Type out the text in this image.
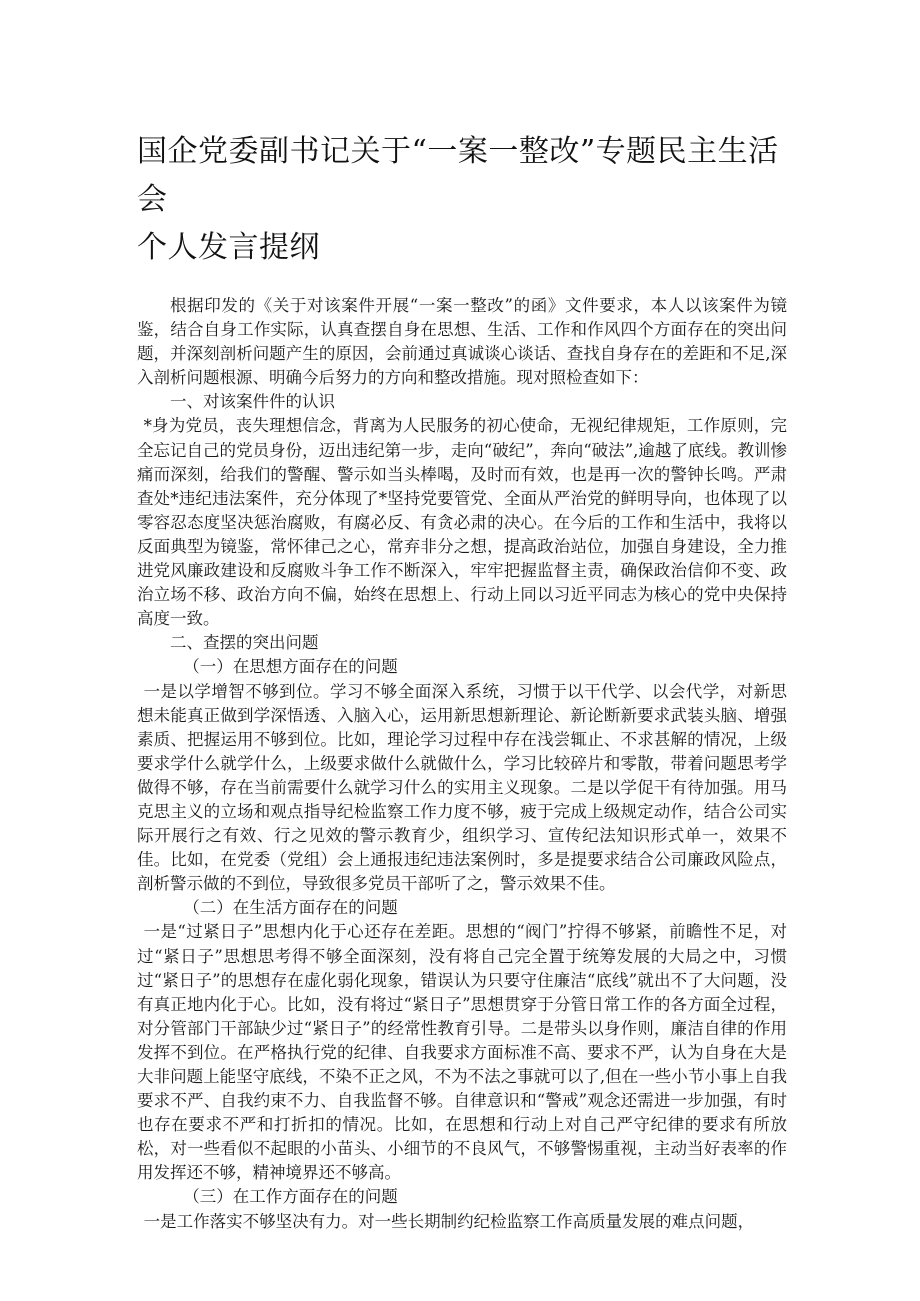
国企党委副书记关于“一案一整改”专题民主生活会
个人发言提纲

根据印发的《关于对该案件开展“一案一整改”的函》文件要求，本人以该案件为镜鉴，结合自身工作实际，认真查摆自身在思想、生活、工作和作风四个方面存在的突出问题，并深刻剖析问题产生的原因，会前通过真诚谈心谈话、查找自身存在的差距和不足,深入剖析问题根源、明确今后努力的方向和整改措施。现对照检查如下：

一、对该案件件的认识

*身为党员，丧失理想信念，背离为人民服务的初心使命，无视纪律规矩，工作原则，完全忘记自己的党员身份，迈出违纪第一步，走向“破纪”，奔向“破法”,逾越了底线。教训惨痛而深刻，给我们的警醒、警示如当头棒喝，及时而有效，也是再一次的警钟长鸣。严肃查处*违纪违法案件，充分体现了*坚持党要管党、全面从严治党的鲜明导向，也体现了以零容忍态度坚决惩治腐败，有腐必反、有贪必肃的决心。在今后的工作和生活中，我将以反面典型为镜鉴，常怀律己之心，常弃非分之想，提高政治站位，加强自身建设，全力推进党风廉政建设和反腐败斗争工作不断深入，牢牢把握监督主责，确保政治信仰不变、政治立场不移、政治方向不偏，始终在思想上、行动上同以习近平同志为核心的党中央保持高度一致。

二、查摆的突出问题

（一）在思想方面存在的问题

一是以学增智不够到位。学习不够全面深入系统，习惯于以干代学、以会代学，对新思想未能真正做到学深悟透、入脑入心，运用新思想新理论、新论断新要求武装头脑、增强素质、把握运用不够到位。比如，理论学习过程中存在浅尝辄止、不求甚解的情况，上级要求学什么就学什么，上级要求做什么就做什么，学习比较碎片和零散，带着问题思考学做得不够，存在当前需要什么就学习什么的实用主义现象。二是以学促干有待加强。用马克思主义的立场和观点指导纪检监察工作力度不够，疲于完成上级规定动作，结合公司实际开展行之有效、行之见效的警示教育少，组织学习、宣传纪法知识形式单一，效果不佳。比如，在党委（党组）会上通报违纪违法案例时，多是提要求结合公司廉政风险点，剖析警示做的不到位，导致很多党员干部听了之，警示效果不佳。

（二）在生活方面存在的问题

一是“过紧日子”思想内化于心还存在差距。思想的“阀门”拧得不够紧，前瞻性不足，对过“紧日子”思想思考得不够全面深刻，没有将自己完全置于统筹发展的大局之中，习惯过“紧日子”的思想存在虚化弱化现象，错误认为只要守住廉洁“底线”就出不了大问题，没有真正地内化于心。比如，没有将过“紧日子”思想贯穿于分管日常工作的各方面全过程，对分管部门干部缺少过“紧日子”的经常性教育引导。二是带头以身作则，廉洁自律的作用发挥不到位。在严格执行党的纪律、自我要求方面标准不高、要求不严，认为自身在大是大非问题上能坚守底线，不染不正之风，不为不法之事就可以了,但在一些小节小事上自我要求不严、自我约束不力、自我监督不够。自律意识和“警戒”观念还需进一步加强，有时也存在要求不严和打折扣的情况。比如，在思想和行动上对自己严守纪律的要求有所放松，对一些看似不起眼的小苗头、小细节的不良风气，不够警惕重视，主动当好表率的作用发挥还不够，精神境界还不够高。

（三）在工作方面存在的问题

一是工作落实不够坚决有力。对一些长期制约纪检监察工作高质量发展的难点问题，
